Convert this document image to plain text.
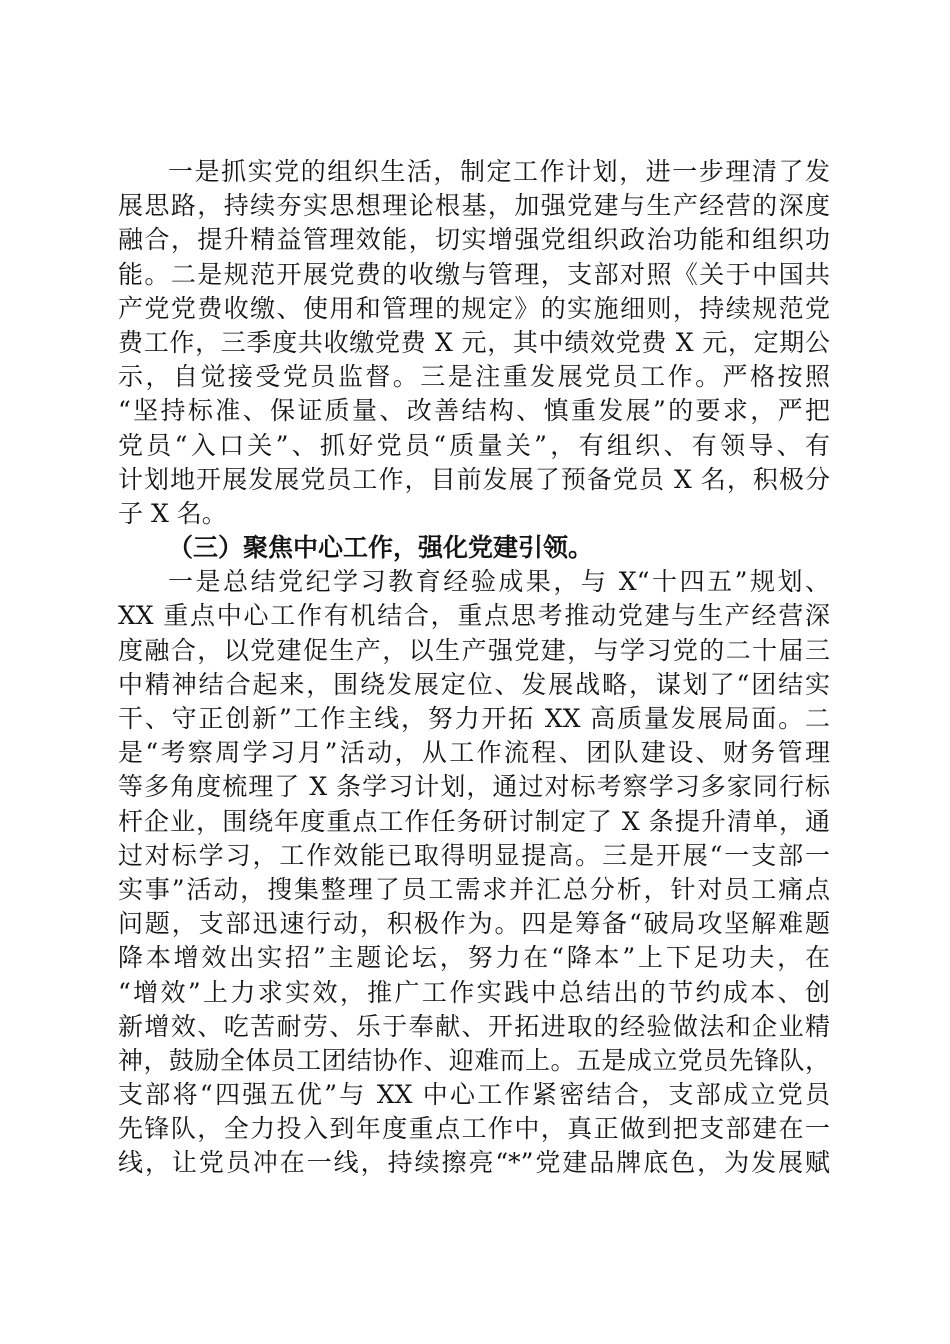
一是抓实党的组织生活，制定工作计划，进一步理清了发
展思路，持续夯实思想理论根基，加强党建与生产经营的深度
融合，提升精益管理效能，切实增强党组织政治功能和组织功
能。二是规范开展党费的收缴与管理，支部对照《关于中国共
产党党费收缴、使用和管理的规定》的实施细则，持续规范党
费工作，三季度共收缴党费 X 元，其中绩效党费 X 元，定期公
示，自觉接受党员监督。三是注重发展党员工作。严格按照
“坚持标准、保证质量、改善结构、慎重发展”的要求，严把
党员“入口关”、抓好党员“质量关”，有组织、有领导、有
计划地开展发展党员工作，目前发展了预备党员 X 名，积极分
子 X 名。
（三）聚焦中心工作，强化党建引领。
一是总结党纪学习教育经验成果，与 X“十四五”规划、
XX 重点中心工作有机结合，重点思考推动党建与生产经营深
度融合，以党建促生产，以生产强党建，与学习党的二十届三
中精神结合起来，围绕发展定位、发展战略，谋划了“团结实
干、守正创新”工作主线，努力开拓 XX 高质量发展局面。二
是“考察周学习月”活动，从工作流程、团队建设、财务管理
等多角度梳理了 X 条学习计划，通过对标考察学习多家同行标
杆企业，围绕年度重点工作任务研讨制定了 X 条提升清单，通
过对标学习，工作效能已取得明显提高。三是开展“一支部一
实事”活动，搜集整理了员工需求并汇总分析，针对员工痛点
问题，支部迅速行动，积极作为。四是筹备“破局攻坚解难题
降本增效出实招”主题论坛，努力在“降本”上下足功夫，在
“增效”上力求实效，推广工作实践中总结出的节约成本、创
新增效、吃苦耐劳、乐于奉献、开拓进取的经验做法和企业精
神，鼓励全体员工团结协作、迎难而上。五是成立党员先锋队，
支部将“四强五优”与 XX 中心工作紧密结合，支部成立党员
先锋队，全力投入到年度重点工作中，真正做到把支部建在一
线，让党员冲在一线，持续擦亮“*”党建品牌底色，为发展赋
